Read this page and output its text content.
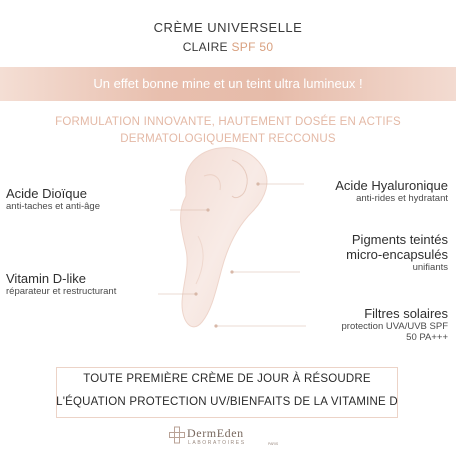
CRÈME UNIVERSELLE
CLAIRE SPF 50
Un effet bonne mine et un teint ultra lumineux !
FORMULATION INNOVANTE, HAUTEMENT DOSÉE EN ACTIFS
DERMATOLOGIQUEMENT RECCONUS
Acide Dioïque
anti-taches et anti-âge
Vitamin D-like
réparateur et restructurant
Acide Hyaluronique
anti-rides et hydratant
Pigments teintés
micro-encapsulés
unifiants
Filtres solaires
protection UVA/UVB SPF
50 PA+++
TOUTE PREMIÈRE CRÈME DE JOUR À RÉSOUDRE
L'ÉQUATION PROTECTION UV/BIENFAITS DE LA VITAMINE D
DermEden
LABORATOIRES	PARIS
